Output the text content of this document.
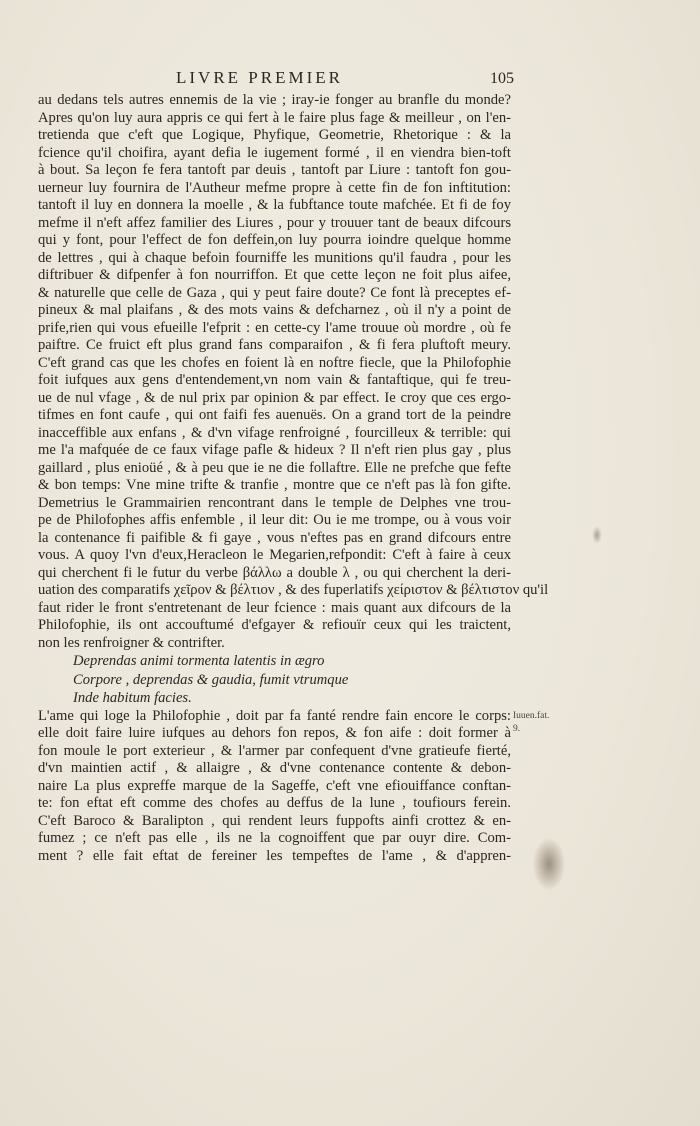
LIVRE PREMIER	105
au dedans tels autres ennemis de la vie ; iray-ie fonger au branfle du monde?
Apres qu'on luy aura appris ce qui fert à le faire plus fage & meilleur , on l'en-
tretienda que c'eft que Logique, Phyfique, Geometrie, Rhetorique : & la
fcience qu'il choifira, ayant defia le iugement formé , il en viendra bien-toft
à bout. Sa leçon fe fera tantoft par deuis , tantoft par Liure : tantoft fon gou-
uerneur luy fournira de l'Autheur mefme propre à cette fin de fon inftitution:
tantoft il luy en donnera la moelle , & la fubftance toute mafchée. Et fi de foy
mefme il n'eft affez familier des Liures , pour y trouuer tant de beaux difcours
qui y font, pour l'effect de fon deffein,on luy pourra ioindre quelque homme
de lettres , qui à chaque befoin fourniffe les munitions qu'il faudra , pour les
diftribuer & difpenfer à fon nourriffon. Et que cette leçon ne foit plus aifee,
& naturelle que celle de Gaza , qui y peut faire doute? Ce font là preceptes ef-
pineux & mal plaifans , & des mots vains & defcharnez , où il n'y a point de
prife,rien qui vous efueille l'efprit : en cette-cy l'ame trouue où mordre , où fe
paiftre. Ce fruict eft plus grand fans comparaifon , & fi fera pluftoft meury.
C'eft grand cas que les chofes en foient là en noftre fiecle, que la Philofophie
foit iufques aux gens d'entendement,vn nom vain & fantaftique, qui fe treu-
ue de nul vfage , & de nul prix par opinion & par effect. Ie croy que ces ergo-
tifmes en font caufe , qui ont faifi fes auenuës. On a grand tort de la peindre
inacceffible aux enfans , & d'vn vifage renfroigné , fourcilleux & terrible: qui
me l'a mafquée de ce faux vifage pafle & hideux ? Il n'eft rien plus gay , plus
gaillard , plus enioüé , & à peu que ie ne die follaftre. Elle ne prefche que fefte
& bon temps: Vne mine trifte & tranfie , montre que ce n'eft pas là fon gifte.
Demetrius le Grammairien rencontrant dans le temple de Delphes vne trou-
pe de Philofophes affis enfemble , il leur dit: Ou ie me trompe, ou à vous voir
la contenance fi paifible & fi gaye , vous n'eftes pas en grand difcours entre
vous. A quoy l'vn d'eux,Heracleon le Megarien,refpondit: C'eft à faire à ceux
qui cherchent fi le futur du verbe βάλλω a double λ , ou qui cherchent la deri-
uation des comparatifs χεῖρον & βέλτιον , & des fuperlatifs χείριστον & βέλτιστον qu'il
faut rider le front s'entretenant de leur fcience : mais quant aux difcours de la
Philofophie, ils ont accouftumé d'efgayer & refiouïr ceux qui les traictent,
non les renfroigner & contrifter.
Deprendas animi tormenta latentis in ægro
Corpore , deprendas & gaudia, fumit vtrumque
Inde habitum facies.
L'ame qui loge la Philofophie , doit par fa fanté rendre fain encore le corps:
elle doit faire luire iufques au dehors fon repos, & fon aife : doit former à
fon moule le port exterieur , & l'armer par confequent d'vne gratieufe fierté,
d'vn maintien actif , & allaigre , & d'vne contenance contente & debon-
naire La plus expreffe marque de la Sageffe, c'eft vne efiouiffance conftan-
te: fon eftat eft comme des chofes au deffus de la lune , toufiours ferein.
C'eft Baroco & Baralipton , qui rendent leurs fuppofts ainfi crottez & en-
fumez ; ce n'eft pas elle , ils ne la cognoiffent que par ouyr dire. Com-
ment ? elle fait eftat de fereiner les tempeftes de l'ame , & d'appren-
Iuuen.fat.
9.
